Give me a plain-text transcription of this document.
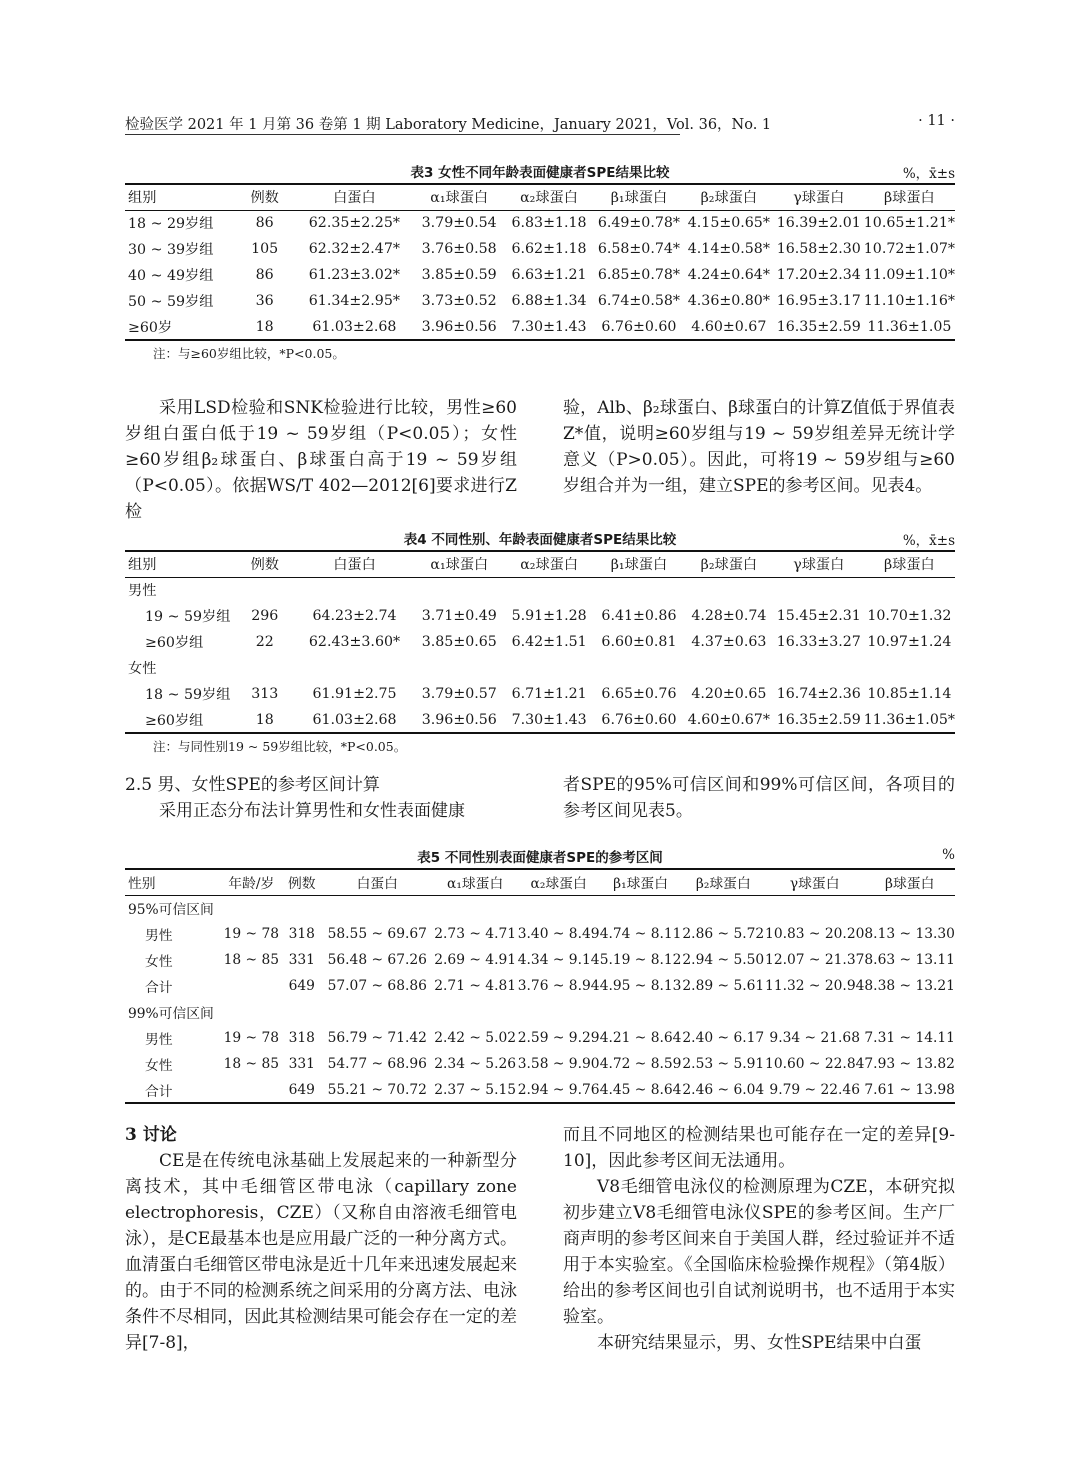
检验医学 2021 年 1 月第 36 卷第 1 期 Laboratory Medicine，January 2021，Vol. 36，No. 1	· 11 ·
表3 女性不同年龄表面健康者SPE结果比较	%，x̄±s
组别	例数	白蛋白	α₁球蛋白	α₂球蛋白	β₁球蛋白	β₂球蛋白	γ球蛋白	β球蛋白
18 ~ 29岁组	86	62.35±2.25*	3.79±0.54	6.83±1.18	6.49±0.78*	4.15±0.65*	16.39±2.01	10.65±1.21*
30 ~ 39岁组	105	62.32±2.47*	3.76±0.58	6.62±1.18	6.58±0.74*	4.14±0.58*	16.58±2.30	10.72±1.07*
40 ~ 49岁组	86	61.23±3.02*	3.85±0.59	6.63±1.21	6.85±0.78*	4.24±0.64*	17.20±2.34	11.09±1.10*
50 ~ 59岁组	36	61.34±2.95*	3.73±0.52	6.88±1.34	6.74±0.58*	4.36±0.80*	16.95±3.17	11.10±1.16*
≥60岁	18	61.03±2.68	3.96±0.56	7.30±1.43	6.76±0.60	4.60±0.67	16.35±2.59	11.36±1.05
注：与≥60岁组比较，*P<0.05。

采用LSD检验和SNK检验进行比较，男性≥60岁组白蛋白低于19 ~ 59岁组（P<0.05）；女性≥60岁组β₂球蛋白、β球蛋白高于19 ~ 59岁组（P<0.05）。依据WS/T 402—2012[6]要求进行Z检

验，Alb、β₂球蛋白、β球蛋白的计算Z值低于界值表Z*值，说明≥60岁组与19 ~ 59岁组差异无统计学意义（P>0.05）。因此，可将19 ~ 59岁组与≥60岁组合并为一组，建立SPE的参考区间。见表4。

表4 不同性别、年龄表面健康者SPE结果比较	%，x̄±s
组别	例数	白蛋白	α₁球蛋白	α₂球蛋白	β₁球蛋白	β₂球蛋白	γ球蛋白	β球蛋白
男性								
19 ~ 59岁组	296	64.23±2.74	3.71±0.49	5.91±1.28	6.41±0.86	4.28±0.74	15.45±2.31	10.70±1.32
≥60岁组	22	62.43±3.60*	3.85±0.65	6.42±1.51	6.60±0.81	4.37±0.63	16.33±3.27	10.97±1.24
女性								
18 ~ 59岁组	313	61.91±2.75	3.79±0.57	6.71±1.21	6.65±0.76	4.20±0.65	16.74±2.36	10.85±1.14
≥60岁组	18	61.03±2.68	3.96±0.56	7.30±1.43	6.76±0.60	4.60±0.67*	16.35±2.59	11.36±1.05*
注：与同性别19 ~ 59岁组比较，*P<0.05。

2.5 男、女性SPE的参考区间计算

采用正态分布法计算男性和女性表面健康

者SPE的95%可信区间和99%可信区间，各项目的参考区间见表5。

表5 不同性别表面健康者SPE的参考区间	%
性别	年龄/岁	例数	白蛋白	α₁球蛋白	α₂球蛋白	β₁球蛋白	β₂球蛋白	γ球蛋白	β球蛋白
95%可信区间									
男性	19 ~ 78	318	58.55 ~ 69.67	2.73 ~ 4.71	3.40 ~ 8.49	4.74 ~ 8.11	2.86 ~ 5.72	10.83 ~ 20.20	8.13 ~ 13.30
女性	18 ~ 85	331	56.48 ~ 67.26	2.69 ~ 4.91	4.34 ~ 9.14	5.19 ~ 8.12	2.94 ~ 5.50	12.07 ~ 21.37	8.63 ~ 13.11
合计		649	57.07 ~ 68.86	2.71 ~ 4.81	3.76 ~ 8.94	4.95 ~ 8.13	2.89 ~ 5.61	11.32 ~ 20.94	8.38 ~ 13.21
99%可信区间									
男性	19 ~ 78	318	56.79 ~ 71.42	2.42 ~ 5.02	2.59 ~ 9.29	4.21 ~ 8.64	2.40 ~ 6.17	9.34 ~ 21.68	7.31 ~ 14.11
女性	18 ~ 85	331	54.77 ~ 68.96	2.34 ~ 5.26	3.58 ~ 9.90	4.72 ~ 8.59	2.53 ~ 5.91	10.60 ~ 22.84	7.93 ~ 13.82
合计		649	55.21 ~ 70.72	2.37 ~ 5.15	2.94 ~ 9.76	4.45 ~ 8.64	2.46 ~ 6.04	9.79 ~ 22.46	7.61 ~ 13.98

3 讨论

CE是在传统电泳基础上发展起来的一种新型分离技术，其中毛细管区带电泳（capillary zone electrophoresis，CZE）（又称自由溶液毛细管电泳），是CE最基本也是应用最广泛的一种分离方式。血清蛋白毛细管区带电泳是近十几年来迅速发展起来的。由于不同的检测系统之间采用的分离方法、电泳条件不尽相同，因此其检测结果可能会存在一定的差异[7-8]，

而且不同地区的检测结果也可能存在一定的差异[9-10]，因此参考区间无法通用。

V8毛细管电泳仪的检测原理为CZE，本研究拟初步建立V8毛细管电泳仪SPE的参考区间。生产厂商声明的参考区间来自于美国人群，经过验证并不适用于本实验室。《全国临床检验操作规程》（第4版）给出的参考区间也引自试剂说明书，也不适用于本实验室。

本研究结果显示，男、女性SPE结果中白蛋
